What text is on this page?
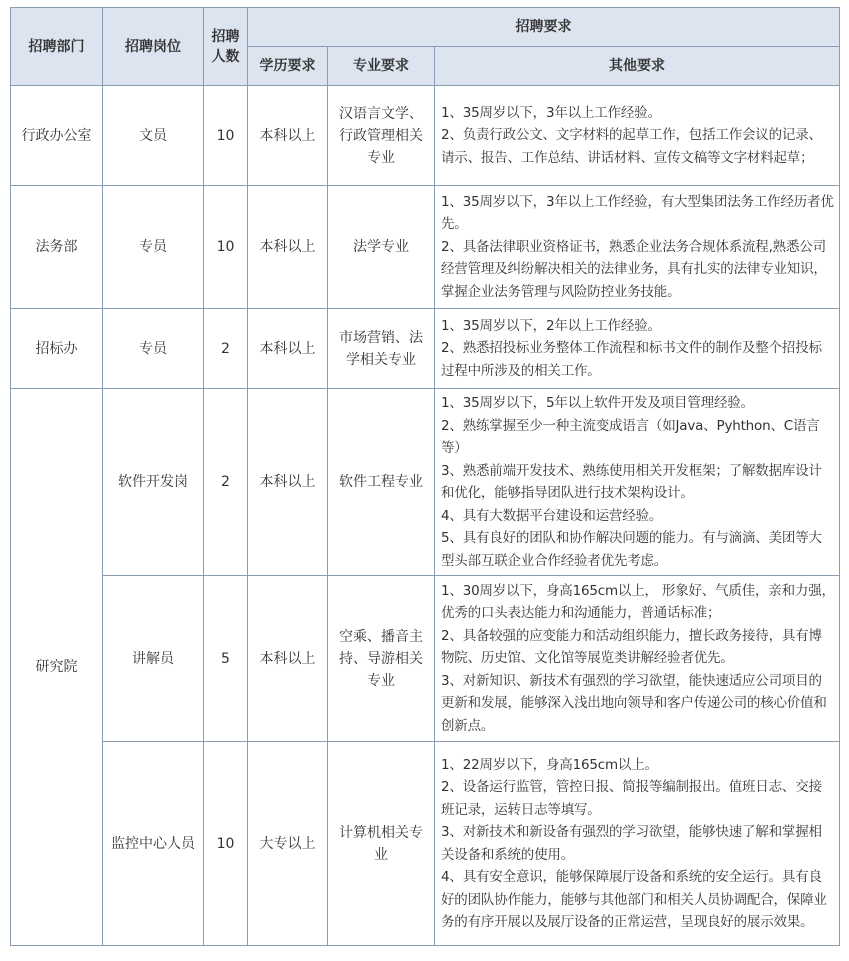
招聘部门	招聘岗位	招聘人数	招聘要求		
			学历要求	专业要求	其他要求
行政办公室	文员	10	本科以上	汉语言文学、行政管理相关专业	1、35周岁以下，3年以上工作经验。
2、负责行政公文、文字材料的起草工作，包括工作会议的记录、请示、报告、工作总结、讲话材料、宣传文稿等文字材料起草；

法务部	专员	10	本科以上	法学专业	1、35周岁以下，3年以上工作经验，有大型集团法务工作经历者优先。
2、具备法律职业资格证书，熟悉企业法务合规体系流程,熟悉公司经营管理及纠纷解决相关的法律业务，具有扎实的法律专业知识，掌握企业法务管理与风险防控业务技能。

招标办	专员	2	本科以上	市场营销、法学相关专业	1、35周岁以下，2年以上工作经验。
2、熟悉招投标业务整体工作流程和标书文件的制作及整个招投标过程中所涉及的相关工作。

研究院	软件开发岗	2	本科以上	软件工程专业	1、35周岁以下，5年以上软件开发及项目管理经验。
2、熟练掌握至少一种主流变成语言（如Java、Pyhthon、C语言等）
3、熟悉前端开发技术、熟练使用相关开发框架；了解数据库设计和优化，能够指导团队进行技术架构设计。
4、具有大数据平台建设和运营经验。
5、具有良好的团队和协作解决问题的能力。有与滴滴、美团等大型头部互联企业合作经验者优先考虑。

	讲解员	5	本科以上	空乘、播音主持、导游相关专业	1、30周岁以下，身高165cm以上， 形象好、气质佳，亲和力强，优秀的口头表达能力和沟通能力，普通话标准；
2、具备较强的应变能力和活动组织能力，擅长政务接待，具有博物院、历史馆、文化馆等展览类讲解经验者优先。
3、对新知识、新技术有强烈的学习欲望，能快速适应公司项目的更新和发展，能够深入浅出地向领导和客户传递公司的核心价值和创新点。

	监控中心人员	10	大专以上	计算机相关专业	1、22周岁以下，身高165cm以上。
2、设备运行监管，管控日报、简报等编制报出。值班日志、交接班记录，运转日志等填写。
3、对新技术和新设备有强烈的学习欲望，能够快速了解和掌握相关设备和系统的使用。
4、具有安全意识，能够保障展厅设备和系统的安全运行。具有良好的团队协作能力，能够与其他部门和相关人员协调配合，保障业务的有序开展以及展厅设备的正常运营，呈现良好的展示效果。
